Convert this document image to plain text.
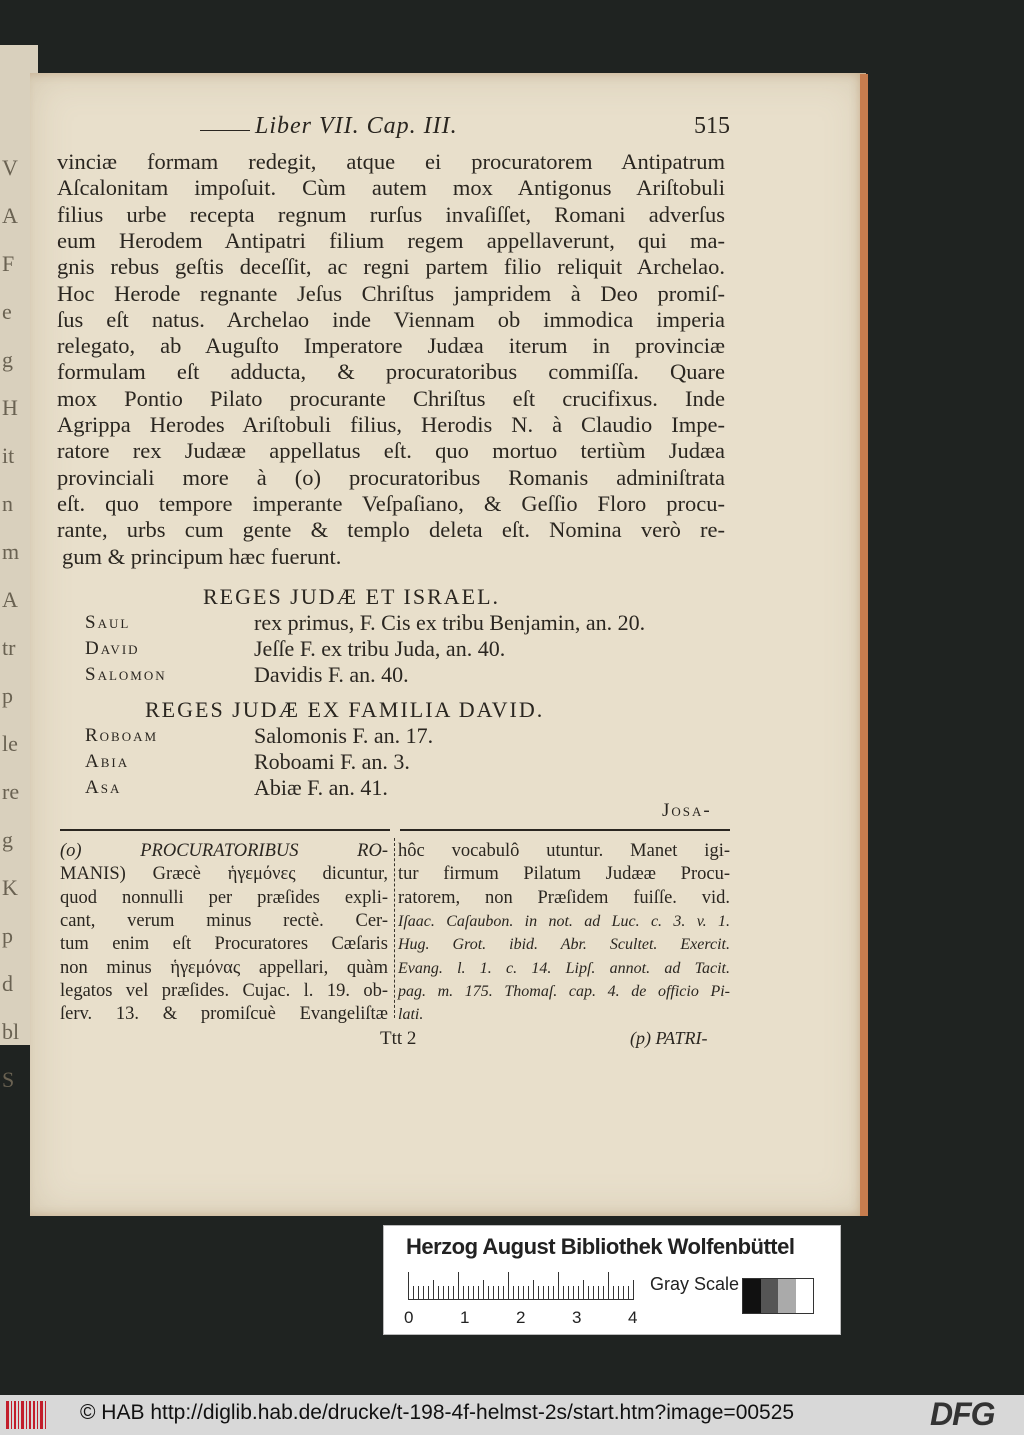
V
A
F
e
g
H
it
n
m
A
tr
p
le
re
g
K
p
d
bl
S
Liber VII. Cap. III.	515
vinciæ formam redegit, atque ei procuratorem Antipatrum
Aſcalonitam impoſuit. Cùm autem mox Antigonus Ariſtobuli
filius urbe recepta regnum rurſus invaſiſſet, Romani adverſus
eum Herodem Antipatri filium regem appellaverunt, qui ma-
gnis rebus geſtis deceſſit, ac regni partem filio reliquit Archelao.
Hoc Herode regnante Jeſus Chriſtus jampridem à Deo promiſ-
ſus eſt natus. Archelao inde Viennam ob immodica imperia
relegato, ab Auguſto Imperatore Judæa iterum in provinciæ
formulam eſt adducta, & procuratoribus commiſſa. Quare
mox Pontio Pilato procurante Chriſtus eſt crucifixus. Inde
Agrippa Herodes Ariſtobuli filius, Herodis N. à Claudio Impe-
ratore rex Judææ appellatus eſt. quo mortuo tertiùm Judæa
provinciali more à (o) procuratoribus Romanis adminiſtrata
eſt. quo tempore imperante Veſpaſiano, & Geſſio Floro procu-
rante, urbs cum gente & templo deleta eſt. Nomina verò re-
gum & principum hæc fuerunt.
REGES JUDÆ ET ISRAEL.
Saul	rex primus, F. Cis ex tribu Benjamin, an. 20.
David	Jeſſe F. ex tribu Juda, an. 40.
Salomon	Davidis F. an. 40.
REGES JUDÆ EX FAMILIA DAVID.
Roboam	Salomonis F. an. 17.
Abia	Roboami F. an. 3.
Asa	Abiæ F. an. 41.
Josa-
(o) PROCURATORIBUS RO-
MANIS) Græcè ἡγεμόνες dicuntur,
quod nonnulli per præſides expli-
cant, verum minus rectè. Cer-
tum enim eſt Procuratores Cæſaris
non minus ἡγεμόνας appellari, quàm
legatos vel præſides. Cujac. l. 19. ob-
ſerv. 13. & promiſcuè Evangeliſtæ
hôc vocabulô utuntur. Manet igi-
tur firmum Pilatum Judææ Procu-
ratorem, non Præſidem fuiſſe. vid.
Iſaac. Caſaubon. in not. ad Luc. c. 3. v. 1.
Hug. Grot. ibid. Abr. Scultet. Exercit.
Evang. l. 1. c. 14. Lipſ. annot. ad Tacit.
pag. m. 175. Thomaſ. cap. 4. de officio Pi-
lati.
Ttt 2	(p) PATRI-
Herzog August Bibliothek Wolfenbüttel
0	1	2	3	4
Gray Scale
© HAB http://diglib.hab.de/drucke/t-198-4f-helmst-2s/start.htm?image=00525	DFG
